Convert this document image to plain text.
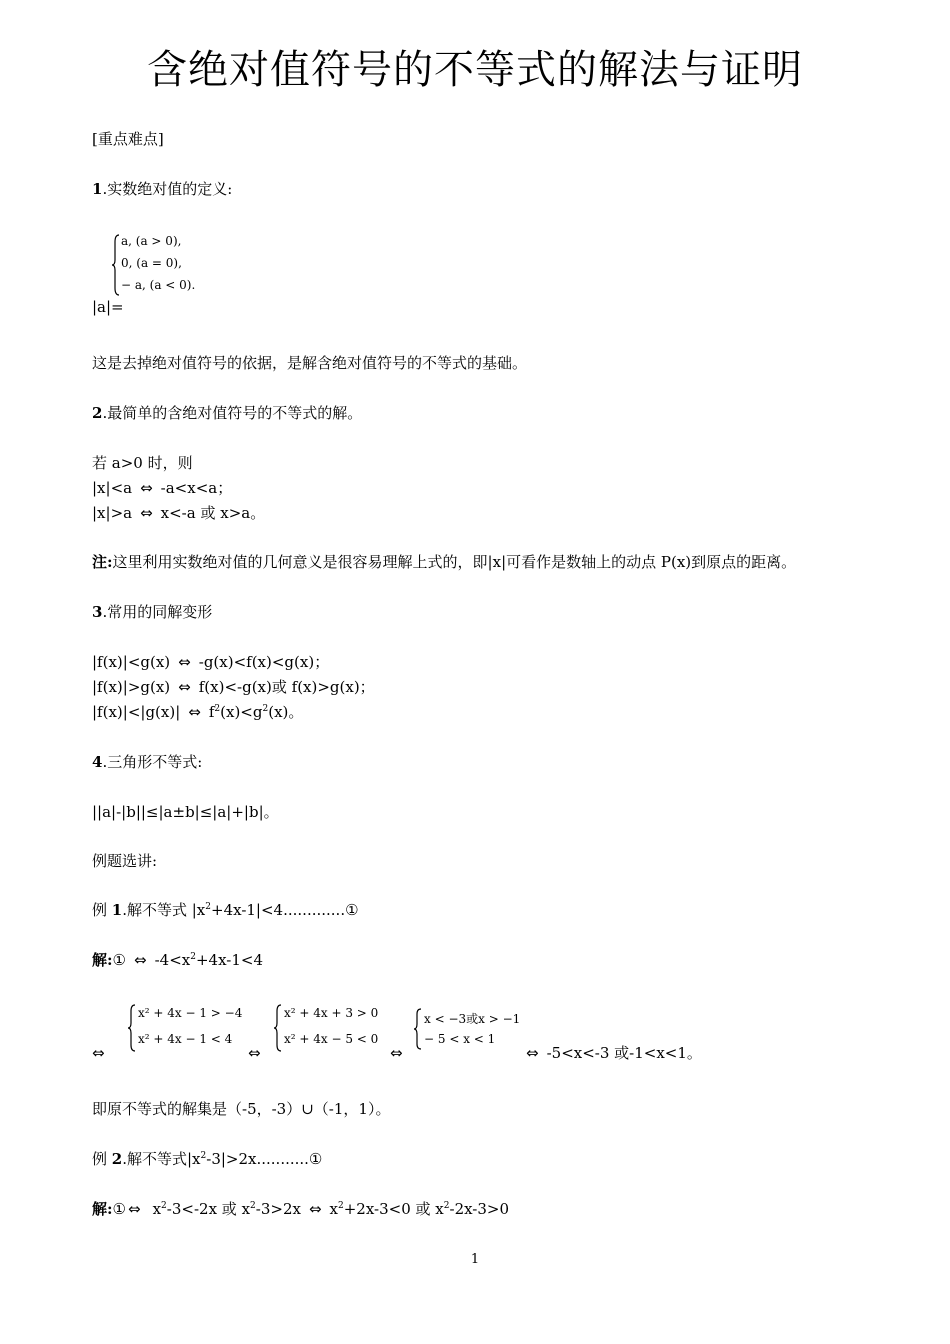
含绝对值符号的不等式的解法与证明
[重点难点]
1.实数绝对值的定义:
a, (a > 0),
0, (a = 0),
− a, (a < 0).
|a|=
这是去掉绝对值符号的依据，是解含绝对值符号的不等式的基础。
2.最简单的含绝对值符号的不等式的解。
若 a>0 时，则
|x|<a ⇔ -a<x<a；
|x|>a ⇔ x<-a 或 x>a。
注:这里利用实数绝对值的几何意义是很容易理解上式的，即|x|可看作是数轴上的动点 P(x)到原点的距离。
3.常用的同解变形
|f(x)|<g(x) ⇔ -g(x)<f(x)<g(x)；
|f(x)|>g(x) ⇔ f(x)<-g(x)或 f(x)>g(x)；
|f(x)|<|g(x)| ⇔ $f^2(x)<g^2(x)$。
4.三角形不等式:
||a|-|b||≤|a±b|≤|a|+|b|。
例题选讲:
例 1.解不等式 $|x^2+4x-1|<4.............①$
解:① ⇔ $-4<x^2+4x-1<4$
⇔
x² + 4x − 1 > −4
x² + 4x − 1 < 4
⇔
x² + 4x + 3 > 0
x² + 4x − 5 < 0
⇔
x < −3或x > −1
− 5 < x < 1
⇔ -5<x<-3 或-1<x<1。
即原不等式的解集是（-5，-3）∪（-1，1）。
例 2.解不等式$|x^2-3|>2x...........①$
解:① ⇔ $x^2-3<-2x$ 或 $x^2-3>2x$ ⇔ $x^2+2x-3<0$ 或 $x^2-2x-3>0$
1
